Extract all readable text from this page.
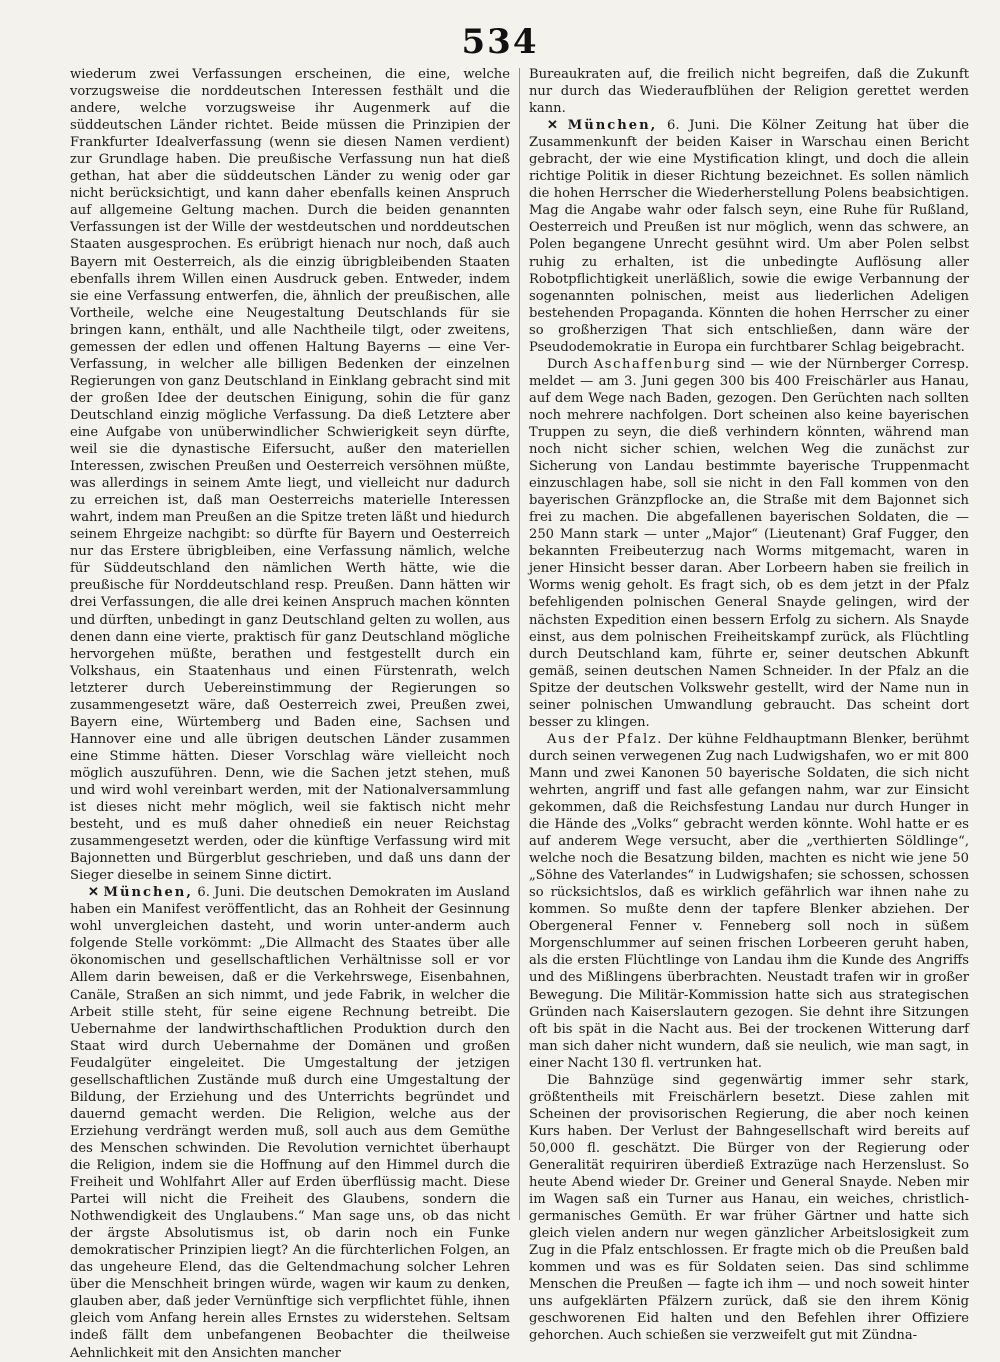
534

wiederum zwei Verfassungen erscheinen, die eine, welche vorzugsweise die norddeutschen Interessen festhält und die andere, welche vorzugsweise ihr Augenmerk auf die süddeutschen Länder richtet. Beide müssen die Prinzipien der Frankfurter Idealverfassung (wenn sie diesen Namen verdient) zur Grundlage haben. Die preußische Verfassung nun hat dieß gethan, hat aber die süddeutschen Länder zu wenig oder gar nicht berücksichtigt, und kann daher ebenfalls keinen Anspruch auf allgemeine Geltung machen. Durch die beiden genannten Verfassungen ist der Wille der westdeutschen und norddeutschen Staaten ausgesprochen. Es erübrigt hienach nur noch, daß auch Bayern mit Oesterreich, als die einzig übrigbleibenden Staaten ebenfalls ihrem Willen einen Ausdruck geben. Entweder, indem sie eine Verfassung entwerfen, die, ähnlich der preußischen, alle Vortheile, welche eine Neugestaltung Deutschlands für sie bringen kann, enthält, und alle Nachtheile tilgt, oder zweitens, gemessen der edlen und offenen Haltung Bayerns — eine Ver-Verfassung, in welcher alle billigen Bedenken der einzelnen Regierungen von ganz Deutschland in Einklang gebracht sind mit der großen Idee der deutschen Einigung, sohin die für ganz Deutschland einzig mögliche Verfassung. Da dieß Letztere aber eine Aufgabe von unüberwindlicher Schwierigkeit seyn dürfte, weil sie die dynastische Eifersucht, außer den materiellen Interessen, zwischen Preußen und Oesterreich versöhnen müßte, was allerdings in seinem Amte liegt, und vielleicht nur dadurch zu erreichen ist, daß man Oesterreichs materielle Interessen wahrt, indem man Preußen an die Spitze treten läßt und hiedurch seinem Ehrgeize nachgibt: so dürfte für Bayern und Oesterreich nur das Erstere übrigbleiben, eine Verfassung nämlich, welche für Süddeutschland den nämlichen Werth hätte, wie die preußische für Norddeutschland resp. Preußen. Dann hätten wir drei Verfassungen, die alle drei keinen Anspruch machen könnten und dürften, unbedingt in ganz Deutschland gelten zu wollen, aus denen dann eine vierte, praktisch für ganz Deutschland mögliche hervorgehen müßte, berathen und festgestellt durch ein Volkshaus, ein Staatenhaus und einen Fürstenrath, welch letzterer durch Uebereinstimmung der Regierungen so zusammengesetzt wäre, daß Oesterreich zwei, Preußen zwei, Bayern eine, Würtemberg und Baden eine, Sachsen und Hannover eine und alle übrigen deutschen Länder zusammen eine Stimme hätten. Dieser Vorschlag wäre vielleicht noch möglich auszuführen. Denn, wie die Sachen jetzt stehen, muß und wird wohl vereinbart werden, mit der Nationalversammlung ist dieses nicht mehr möglich, weil sie faktisch nicht mehr besteht, und es muß daher ohnedieß ein neuer Reichstag zusammengesetzt werden, oder die künftige Verfassung wird mit Bajonnetten und Bürgerblut geschrieben, und daß uns dann der Sieger dieselbe in seinem Sinne dictirt.

✕ München, 6. Juni. Die deutschen Demokraten im Ausland haben ein Manifest veröffentlicht, das an Rohheit der Gesinnung wohl unvergleichen dasteht, und worin unter-anderm auch folgende Stelle vorkömmt: „Die Allmacht des Staates über alle ökonomischen und gesellschaftlichen Verhältnisse soll er vor Allem darin beweisen, daß er die Verkehrswege, Eisenbahnen, Canäle, Straßen an sich nimmt, und jede Fabrik, in welcher die Arbeit stille steht, für seine eigene Rechnung betreibt. Die Uebernahme der landwirthschaftlichen Produktion durch den Staat wird durch Uebernahme der Domänen und großen Feudalgüter eingeleitet. Die Umgestaltung der jetzigen gesellschaftlichen Zustände muß durch eine Umgestaltung der Bildung, der Erziehung und des Unterrichts begründet und dauernd gemacht werden. Die Religion, welche aus der Erziehung verdrängt werden muß, soll auch aus dem Gemüthe des Menschen schwinden. Die Revolution vernichtet überhaupt die Religion, indem sie die Hoffnung auf den Himmel durch die Freiheit und Wohlfahrt Aller auf Erden überflüssig macht. Diese Partei will nicht die Freiheit des Glaubens, sondern die Nothwendigkeit des Unglaubens.“ Man sage uns, ob das nicht der ärgste Absolutismus ist, ob darin noch ein Funke demokratischer Prinzipien liegt? An die fürchterlichen Folgen, an das ungeheure Elend, das die Geltendmachung solcher Lehren über die Menschheit bringen würde, wagen wir kaum zu denken, glauben aber, daß jeder Vernünftige sich verpflichtet fühle, ihnen gleich vom Anfang herein alles Ernstes zu widerstehen. Seltsam indeß fällt dem unbefangenen Beobachter die theilweise Aehnlichkeit mit den Ansichten mancher

Bureaukraten auf, die freilich nicht begreifen, daß die Zukunft nur durch das Wiederaufblühen der Religion gerettet werden kann.

✕ München, 6. Juni. Die Kölner Zeitung hat über die Zusammenkunft der beiden Kaiser in Warschau einen Bericht gebracht, der wie eine Mystification klingt, und doch die allein richtige Politik in dieser Richtung bezeichnet. Es sollen nämlich die hohen Herrscher die Wiederherstellung Polens beabsichtigen. Mag die Angabe wahr oder falsch seyn, eine Ruhe für Rußland, Oesterreich und Preußen ist nur möglich, wenn das schwere, an Polen begangene Unrecht gesühnt wird. Um aber Polen selbst ruhig zu erhalten, ist die unbedingte Auflösung aller Robotpflichtigkeit unerläßlich, sowie die ewige Verbannung der sogenannten polnischen, meist aus liederlichen Adeligen bestehenden Propaganda. Könnten die hohen Herrscher zu einer so großherzigen That sich entschließen, dann wäre der Pseudodemokratie in Europa ein furchtbarer Schlag beigebracht.

Durch Aschaffenburg sind — wie der Nürnberger Corresp. meldet — am 3. Juni gegen 300 bis 400 Freischärler aus Hanau, auf dem Wege nach Baden, gezogen. Den Gerüchten nach sollten noch mehrere nachfolgen. Dort scheinen also keine bayerischen Truppen zu seyn, die dieß verhindern könnten, während man noch nicht sicher schien, welchen Weg die zunächst zur Sicherung von Landau bestimmte bayerische Truppenmacht einzuschlagen habe, soll sie nicht in den Fall kommen von den bayerischen Gränzpflocke an, die Straße mit dem Bajonnet sich frei zu machen. Die abgefallenen bayerischen Soldaten, die — 250 Mann stark — unter „Major“ (Lieutenant) Graf Fugger, den bekannten Freibeuterzug nach Worms mitgemacht, waren in jener Hinsicht besser daran. Aber Lorbeern haben sie freilich in Worms wenig geholt. Es fragt sich, ob es dem jetzt in der Pfalz befehligenden polnischen General Snayde gelingen, wird der nächsten Expedition einen bessern Erfolg zu sichern. Als Snayde einst, aus dem polnischen Freiheitskampf zurück, als Flüchtling durch Deutschland kam, führte er, seiner deutschen Abkunft gemäß, seinen deutschen Namen Schneider. In der Pfalz an die Spitze der deutschen Volkswehr gestellt, wird der Name nun in seiner polnischen Umwandlung gebraucht. Das scheint dort besser zu klingen.

Aus der Pfalz. Der kühne Feldhauptmann Blenker, berühmt durch seinen verwegenen Zug nach Ludwigshafen, wo er mit 800 Mann und zwei Kanonen 50 bayerische Soldaten, die sich nicht wehrten, angriff und fast alle gefangen nahm, war zur Einsicht gekommen, daß die Reichsfestung Landau nur durch Hunger in die Hände des „Volks“ gebracht werden könnte. Wohl hatte er es auf anderem Wege versucht, aber die „verthierten Söldlinge“, welche noch die Besatzung bilden, machten es nicht wie jene 50 „Söhne des Vaterlandes“ in Ludwigshafen; sie schossen, schossen so rücksichtslos, daß es wirklich gefährlich war ihnen nahe zu kommen. So mußte denn der tapfere Blenker abziehen. Der Obergeneral Fenner v. Fenneberg soll noch in süßem Morgenschlummer auf seinen frischen Lorbeeren geruht haben, als die ersten Flüchtlinge von Landau ihm die Kunde des Angriffs und des Mißlingens überbrachten. Neustadt trafen wir in großer Bewegung. Die Militär-Kommission hatte sich aus strategischen Gründen nach Kaiserslautern gezogen. Sie dehnt ihre Sitzungen oft bis spät in die Nacht aus. Bei der trockenen Witterung darf man sich daher nicht wundern, daß sie neulich, wie man sagt, in einer Nacht 130 fl. vertrunken hat.

Die Bahnzüge sind gegenwärtig immer sehr stark, größtentheils mit Freischärlern besetzt. Diese zahlen mit Scheinen der provisorischen Regierung, die aber noch keinen Kurs haben. Der Verlust der Bahngesellschaft wird bereits auf 50,000 fl. geschätzt. Die Bürger von der Regierung oder Generalität requiriren überdieß Extrazüge nach Herzenslust. So heute Abend wieder Dr. Greiner und General Snayde. Neben mir im Wagen saß ein Turner aus Hanau, ein weiches, christlich-germanisches Gemüth. Er war früher Gärtner und hatte sich gleich vielen andern nur wegen gänzlicher Arbeitslosigkeit zum Zug in die Pfalz entschlossen. Er fragte mich ob die Preußen bald kommen und was es für Soldaten seien. Das sind schlimme Menschen die Preußen — fagte ich ihm — und noch soweit hinter uns aufgeklärten Pfälzern zurück, daß sie den ihrem König geschworenen Eid halten und den Befehlen ihrer Offiziere gehorchen. Auch schießen sie verzweifelt gut mit Zündna-
